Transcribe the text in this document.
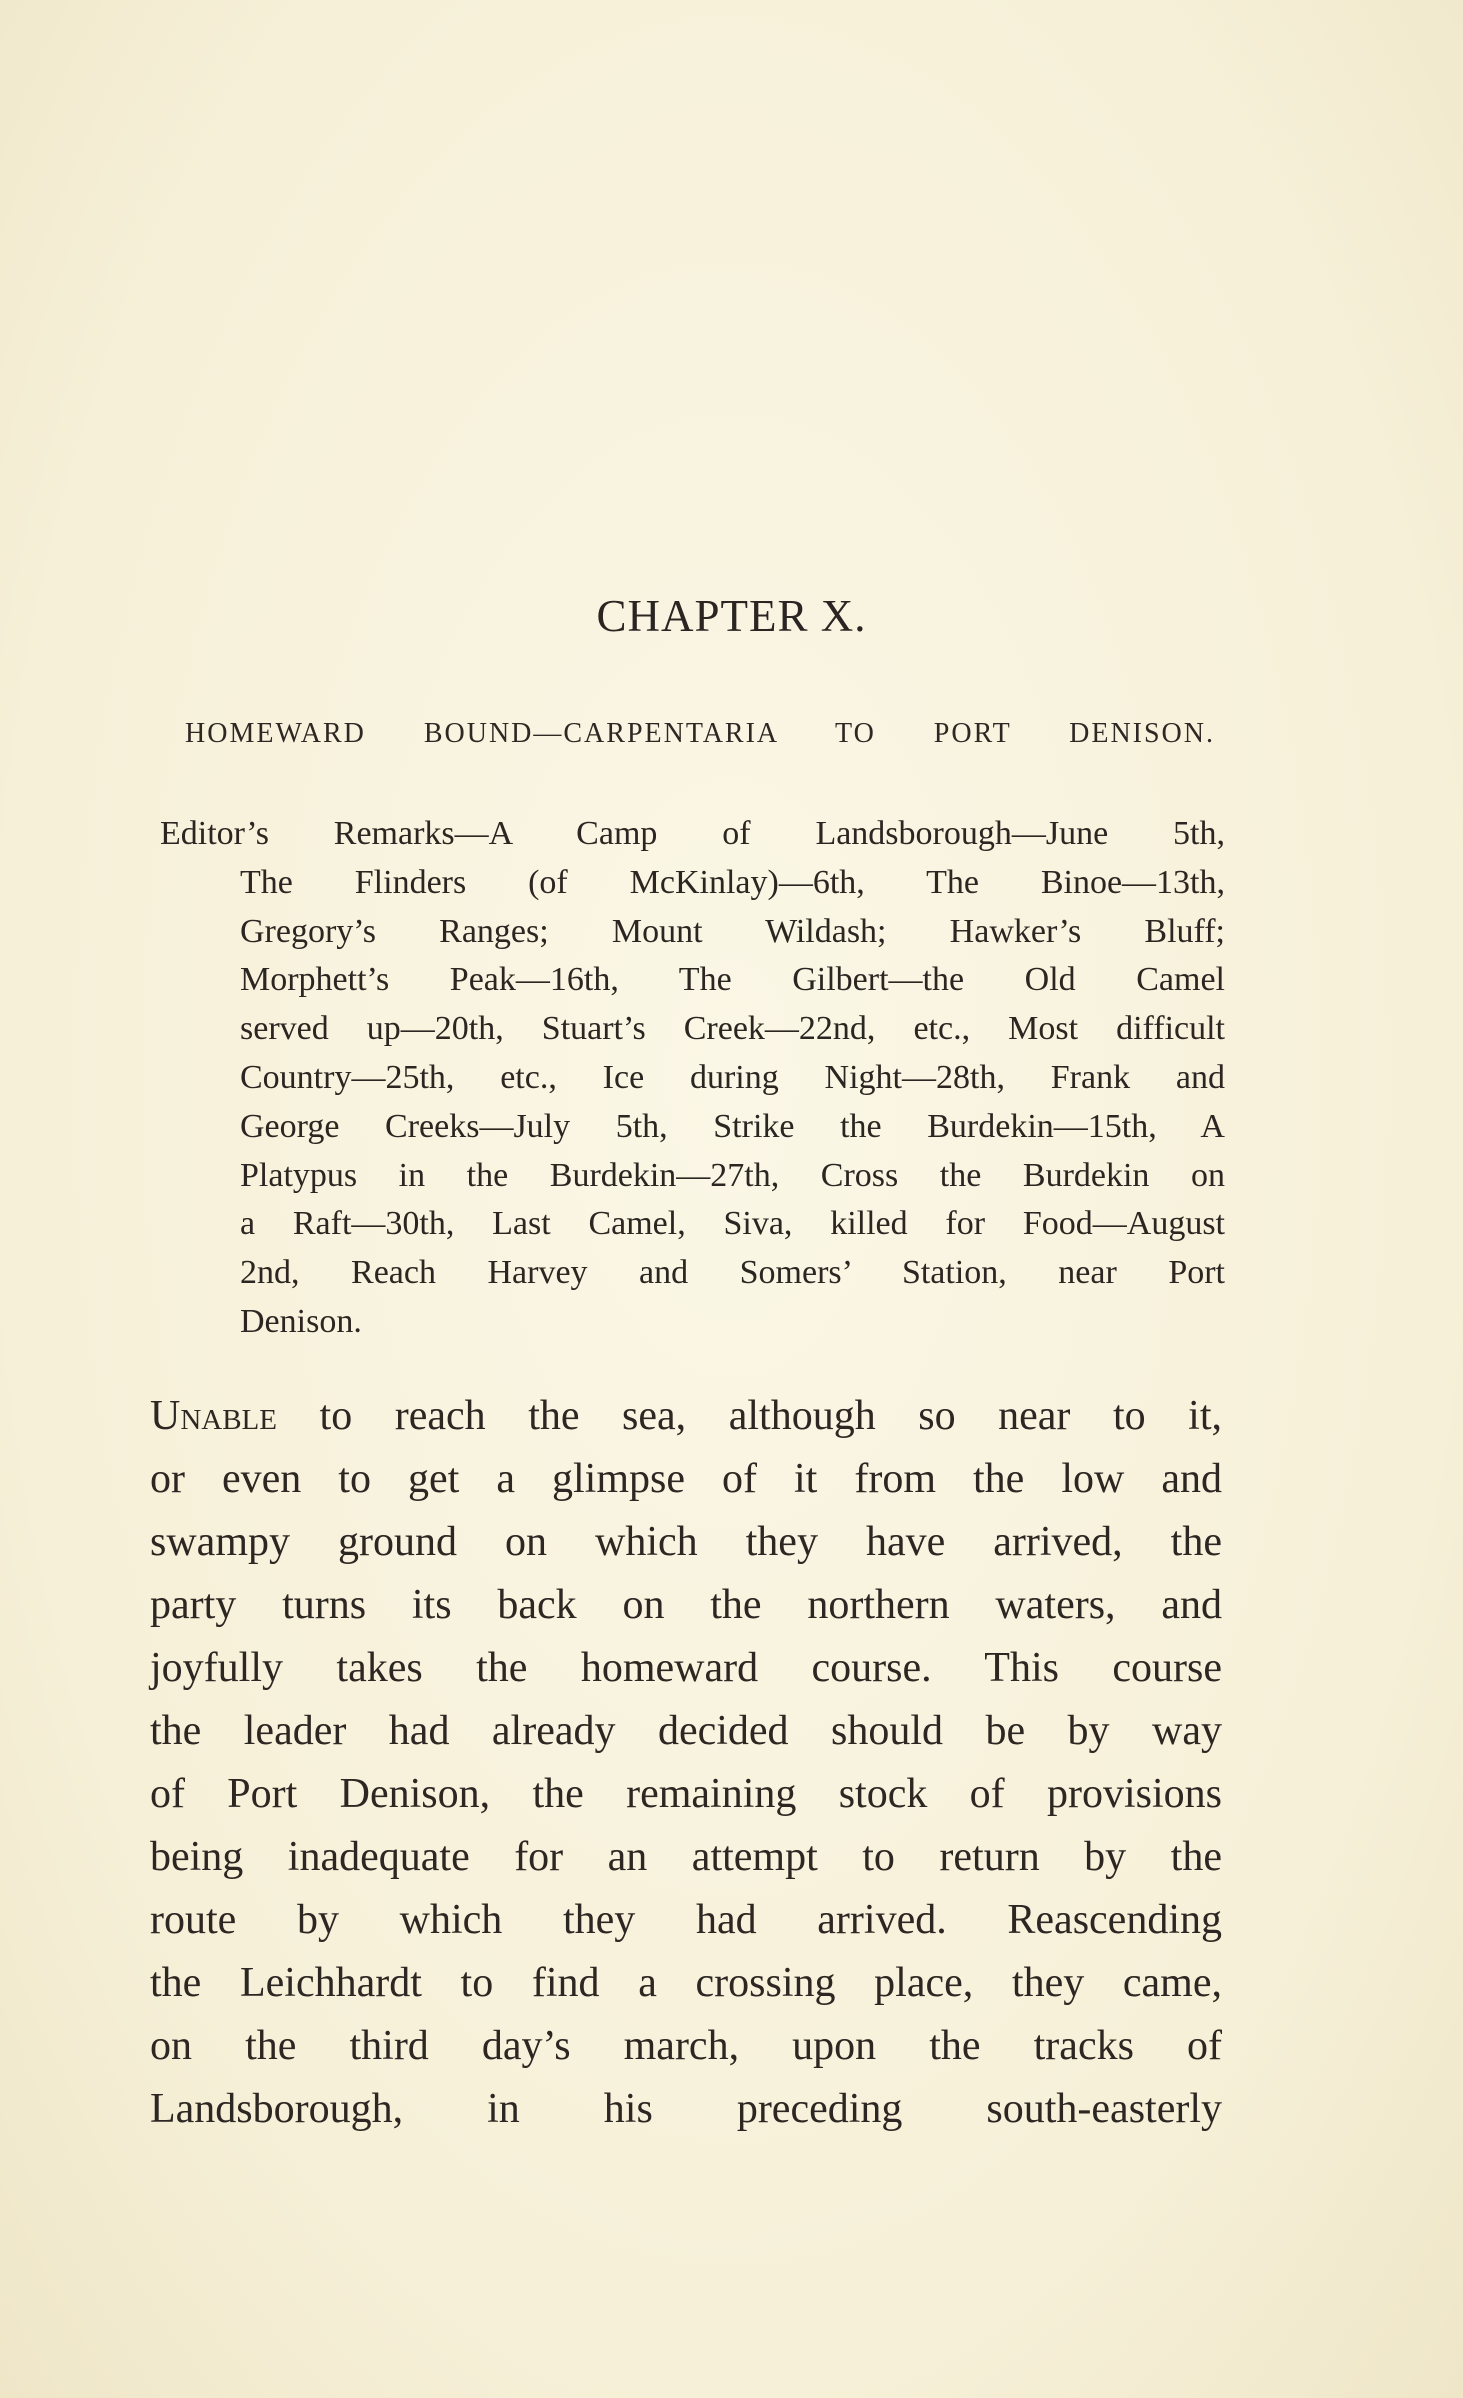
CHAPTER X.
HOMEWARD BOUND—CARPENTARIA TO PORT DENISON.
Editor’s Remarks—A Camp of Landsborough—June 5th,
The Flinders (of McKinlay)—6th, The Binoe—13th,
Gregory’s Ranges; Mount Wildash; Hawker’s Bluff;
Morphett’s Peak—16th, The Gilbert—the Old Camel
served up—20th, Stuart’s Creek—22nd, etc., Most difficult
Country—25th, etc., Ice during Night—28th, Frank and
George Creeks—July 5th, Strike the Burdekin—15th, A
Platypus in the Burdekin—27th, Cross the Burdekin on
a Raft—30th, Last Camel, Siva, killed for Food—August
2nd, Reach Harvey and Somers’ Station, near Port
Denison.
Unable to reach the sea, although so near to it,
or even to get a glimpse of it from the low and
swampy ground on which they have arrived, the
party turns its back on the northern waters, and
joyfully takes the homeward course. This course
the leader had already decided should be by way
of Port Denison, the remaining stock of provisions
being inadequate for an attempt to return by the
route by which they had arrived. Reascending
the Leichhardt to find a crossing place, they came,
on the third day’s march, upon the tracks of
Landsborough, in his preceding south-easterly
